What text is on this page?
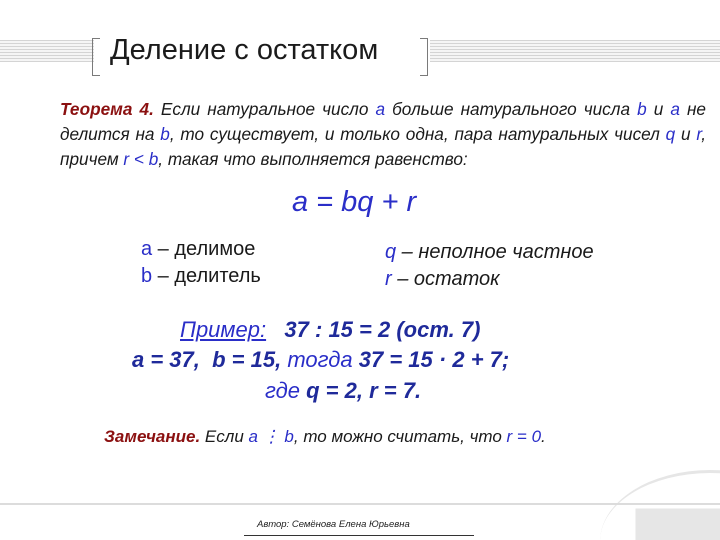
Деление с остатком
Теорема 4. Если натуральное число a больше натурального числа b и a не делится на b, то существует, и только одна, пара натуральных чисел q и r, причем r < b, такая что выполняется равенство:
a = bq + r
a – делимое
b – делитель
q – неполное частное
r – остаток
Пример: 37 : 15 = 2 (ост. 7)
a = 37, b = 15, тогда 37 = 15 · 2 + 7;
где q = 2, r = 7.
Замечание. Если a ⋮ b, то можно считать, что r = 0.
Автор: Семёнова Елена Юрьевна
